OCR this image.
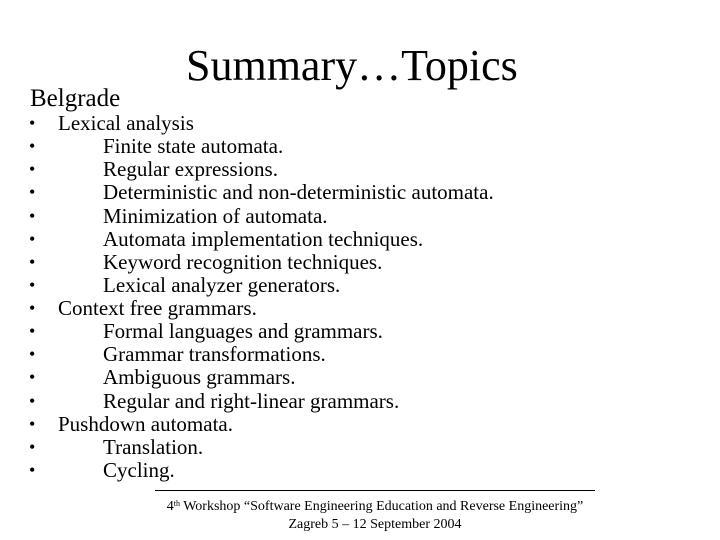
Summary…Topics
Belgrade
• Lexical analysis
•	Finite state automata.
•	Regular expressions.
•	Deterministic and non-deterministic automata.
•	Minimization of automata.
•	Automata implementation techniques.
•	Keyword recognition techniques.
•	Lexical analyzer generators.
• Context free grammars.
•	Formal languages and grammars.
•	Grammar transformations.
•	Ambiguous grammars.
•	Regular and right-linear grammars.
• Pushdown automata.
•	Translation.
•	Cycling.
4th Workshop “Software Engineering Education and Reverse Engineering”
Zagreb 5 – 12 September 2004
